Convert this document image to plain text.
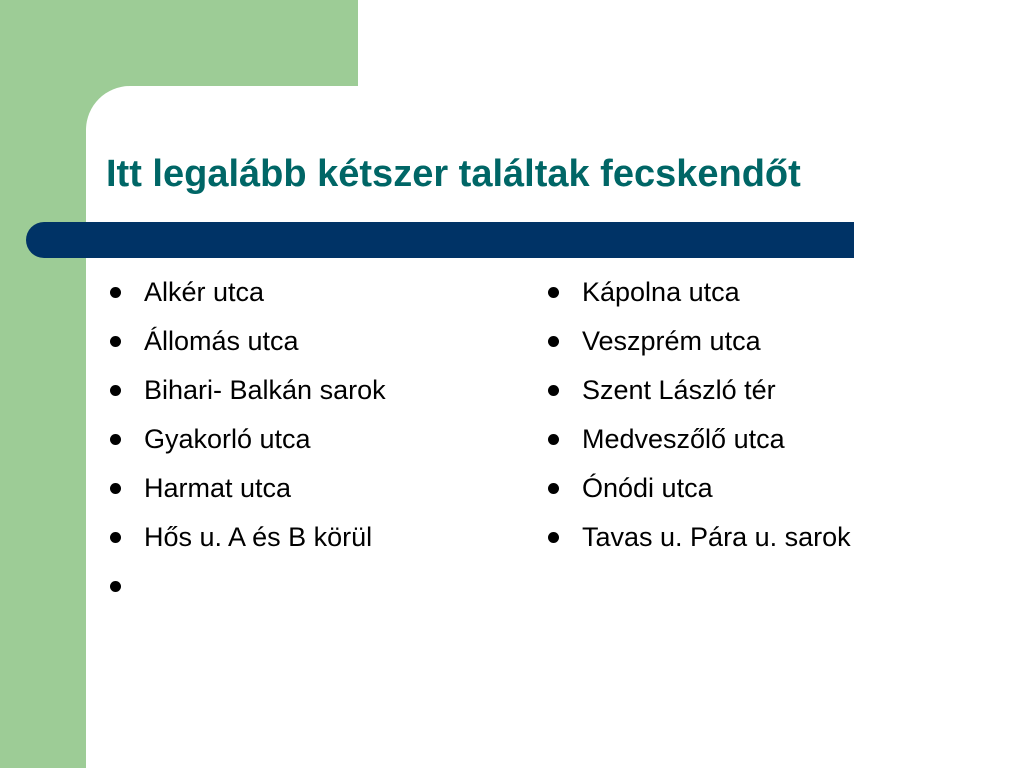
Itt legalább kétszer találtak fecskendőt
Alkér utca
Állomás utca
Bihari- Balkán sarok
Gyakorló utca
Harmat utca
Hős u. A és B körül
Kápolna utca
Veszprém utca
Szent László tér
Medveszőlő utca
Ónódi utca
Tavas u. Pára u. sarok
